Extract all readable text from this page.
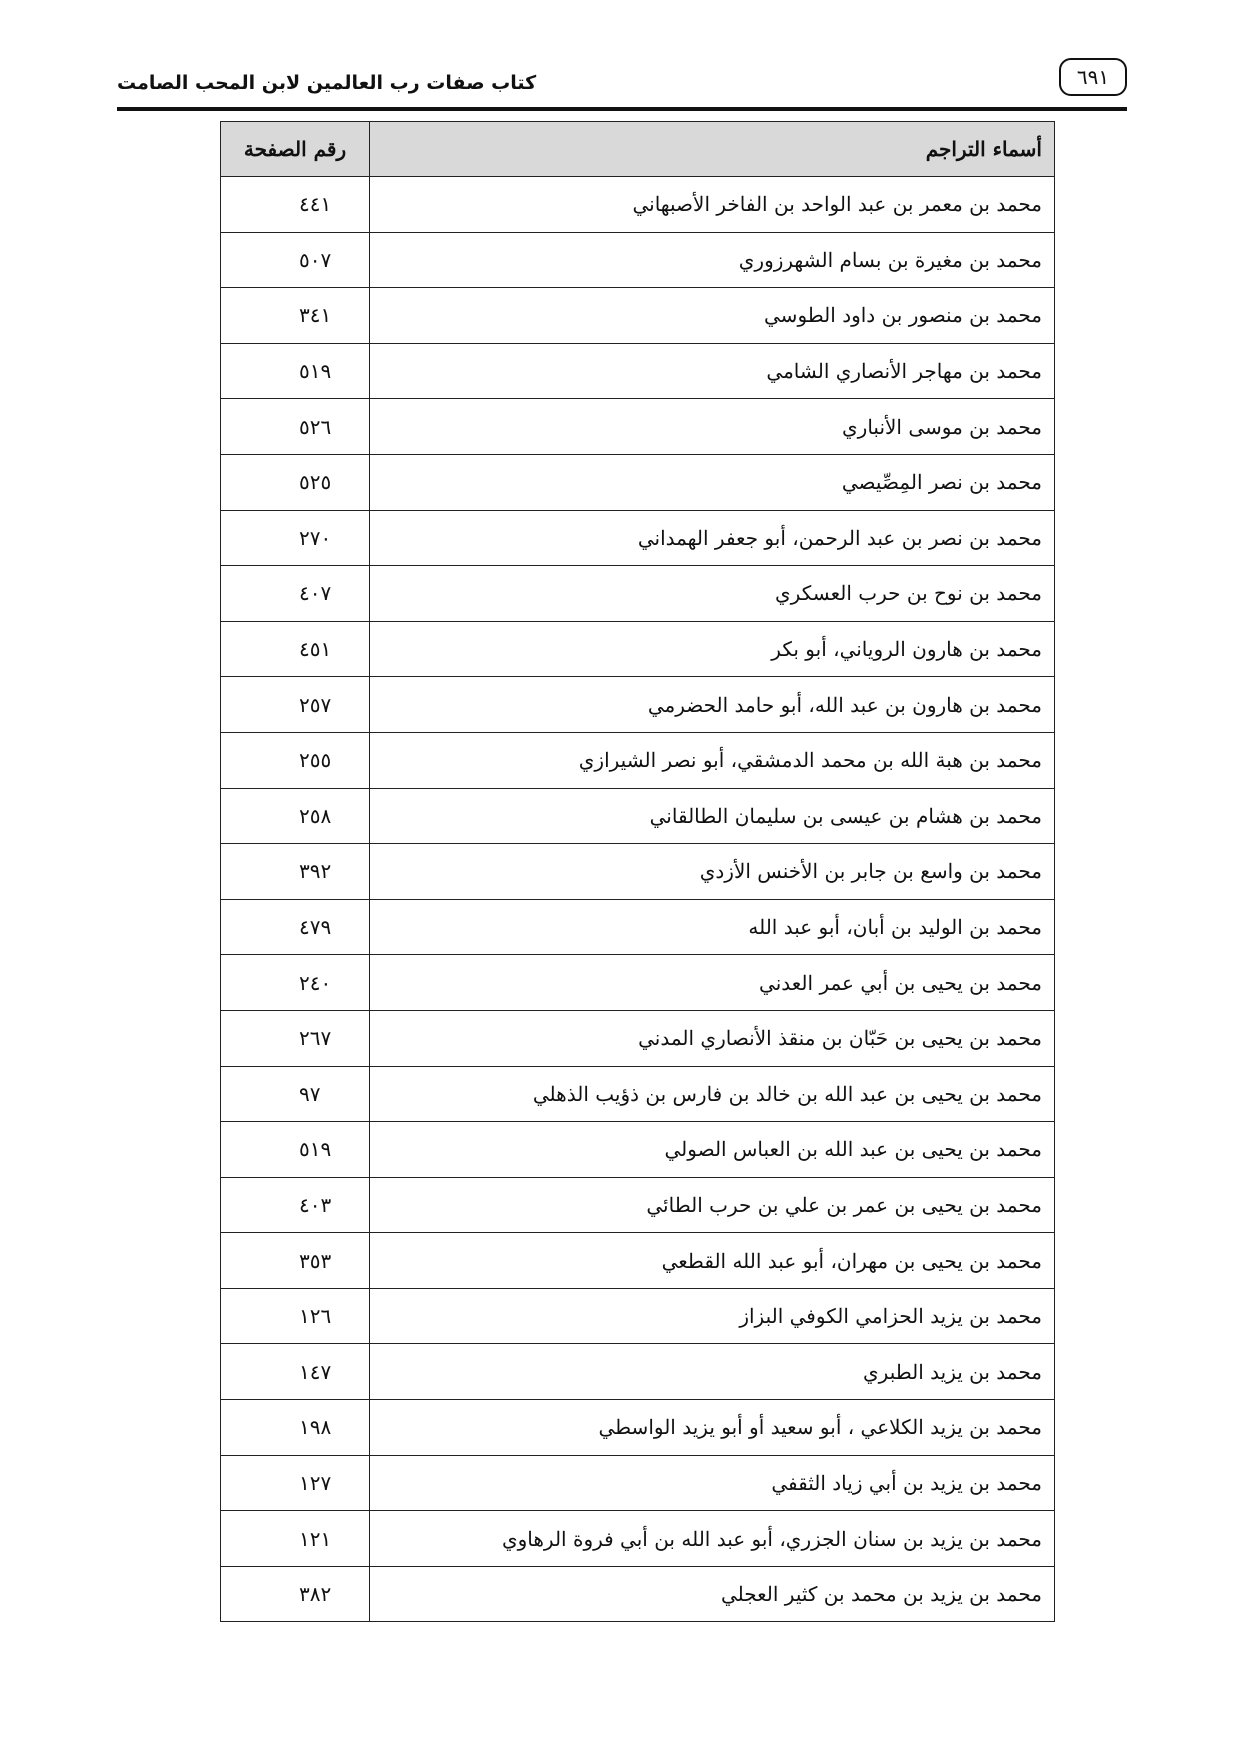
كتاب صفات رب العالمين لابن المحب الصامت	٦٩١
أسماء التراجم	رقم الصفحة
محمد بن معمر بن عبد الواحد بن الفاخر الأصبهاني	٤٤١
محمد بن مغيرة بن بسام الشهرزوري	٥٠٧
محمد بن منصور بن داود الطوسي	٣٤١
محمد بن مهاجر الأنصاري الشامي	٥١٩
محمد بن موسى الأنباري	٥٢٦
محمد بن نصر المِصِّيصي	٥٢٥
محمد بن نصر بن عبد الرحمن، أبو جعفر الهمداني	٢٧٠
محمد بن نوح بن حرب العسكري	٤٠٧
محمد بن هارون الروياني، أبو بكر	٤٥١
محمد بن هارون بن عبد الله، أبو حامد الحضرمي	٢٥٧
محمد بن هبة الله بن محمد الدمشقي، أبو نصر الشيرازي	٢٥٥
محمد بن هشام بن عيسى بن سليمان الطالقاني	٢٥٨
محمد بن واسع بن جابر بن الأخنس الأزدي	٣٩٢
محمد بن الوليد بن أبان، أبو عبد الله	٤٧٩
محمد بن يحيى بن أبي عمر العدني	٢٤٠
محمد بن يحيى بن حَبّان بن منقذ الأنصاري المدني	٢٦٧
محمد بن يحيى بن عبد الله بن خالد بن فارس بن ذؤيب الذهلي	٩٧
محمد بن يحيى بن عبد الله بن العباس الصولي	٥١٩
محمد بن يحيى بن عمر بن علي بن حرب الطائي	٤٠٣
محمد بن يحيى بن مهران، أبو عبد الله القطعي	٣٥٣
محمد بن يزيد الحزامي الكوفي البزاز	١٢٦
محمد بن يزيد الطبري	١٤٧
محمد بن يزيد الكلاعي ، أبو سعيد أو أبو يزيد الواسطي	١٩٨
محمد بن يزيد بن أبي زياد الثقفي	١٢٧
محمد بن يزيد بن سنان الجزري، أبو عبد الله بن أبي فروة الرهاوي	١٢١
محمد بن يزيد بن محمد بن كثير العجلي	٣٨٢
